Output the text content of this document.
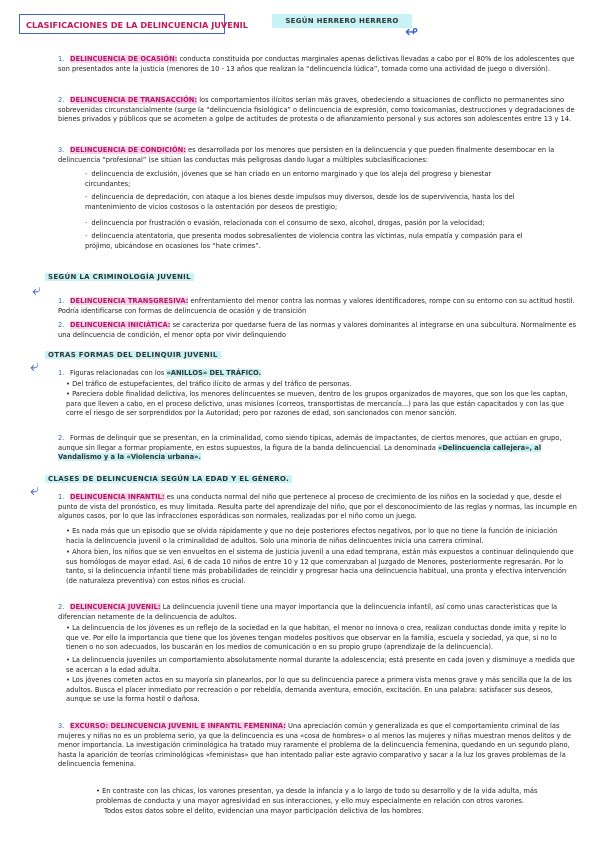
CLASIFICACIONES DE LA DELINCUENCIA JUVENIL	SEGÚN HERRERO HERRERO
↫
1. DELINCUENCIA DE OCASIÓN: conducta constituida por conductas marginales apenas delictivas llevadas a cabo por el 80% de los adolescentes que son presentados ante la justicia (menores de 10 - 13 años que realizan la “delincuencia lúdica”, tomada como una actividad de juego o diversión).
2. DELINCUENCIA DE TRANSACCIÓN: los comportamientos ilícitos serían más graves, obedeciendo a situaciones de conflicto no permanentes sino sobrevenidas circunstancialmente (surge la “delincuencia fisiológica” o delincuencia de expresión, como toxicomanías, destrucciones y degradaciones de bienes privados y públicos que se acometen a golpe de actitudes de protesta o de afianzamiento personal y sus actores son adolescentes entre 13 y 14.
3. DELINCUENCIA DE CONDICIÓN: es desarrollada por los menores que persisten en la delincuencia y que pueden finalmente desembocar en la delincuencia “profesional” (se sitúan las conductas más peligrosas dando lugar a múltiples subclasificaciones:
- delincuencia de exclusión, jóvenes que se han criado en un entorno marginado y que los aleja del progreso y bienestar circundantes;
- delincuencia de depredación, con ataque a los bienes desde impulsos muy diversos, desde los de supervivencia, hasta los del mantenimiento de vicios costosos o la ostentación por deseos de prestigio;
- delincuencia por frustración o evasión, relacionada con el consumo de sexo, alcohol, drogas, pasión por la velocidad;
- delincuencia atentatoria, que presenta modos sobresalientes de violencia contra las víctimas, nula empatía y compasión para el prójimo, ubicándose en ocasiones los “hate crimes”.
⤶
SEGÚN LA CRIMINOLOGÍA JUVENIL
1. DELINCUENCIA TRANSGRESIVA: enfrentamiento del menor contra las normas y valores identificadores, rompe con su entorno con su actitud hostil. Podría identificarse con formas de delincuencia de ocasión y de transición
2. DELINCUENCIA INICIÁTICA: se caracteriza por quedarse fuera de las normas y valores dominantes al integrarse en una subcultura. Normalmente es una delincuencia de condición, el menor opta por vivir delinquiendo
⤶
OTRAS FORMAS DEL DELINQUIR JUVENIL
1. Figuras relacionadas con los «ANILLOS» DEL TRÁFICO.
• Del tráfico de estupefacientes, del tráfico ilícito de armas y del tráfico de personas.
• Pareciera doble finalidad delictiva, los menores delincuentes se mueven, dentro de los grupos organizados de mayores, que son los que les captan, para que lleven a cabo, en el proceso delictivo, unas misiones (correos, transportistas de mercancía...) para las que están capacitados y con las que corre el riesgo de ser sorprendidos por la Autoridad; pero por razones de edad, son sancionados con menor sanción.
2. Formas de delinquir que se presentan, en la criminalidad, como siendo típicas, además de impactantes, de ciertos menores, que actúan en grupo, aunque sin llegar a formar propiamente, en estos supuestos, la figura de la banda delincuencial. La denominada «Delincuencia callejera», al Vandalismo y a la «Violencia urbana».
⤶
CLASES DE DELINCUENCIA SEGÚN LA EDAD Y EL GÉNERO.
1. DELINCUENCIA INFANTIL: es una conducta normal del niño que pertenece al proceso de crecimiento de los niños en la sociedad y que, desde el punto de vista del pronóstico, es muy limitada. Resulta parte del aprendizaje del niño, que por el desconocimiento de las reglas y normas, las incumple en algunos casos, por lo que las infracciones esporádicas son normales, realizadas por el niño como un juego.
• Es nada más que un episodio que se olvida rápidamente y que no deje posteriores efectos negativos, por lo que no tiene la función de iniciación hacia la delincuencia juvenil o la criminalidad de adultos. Solo una minoría de niños delincuentes inicia una carrera criminal.
• Ahora bien, los niños que se ven envueltos en el sistema de justicia juvenil a una edad temprana, están más expuestos a continuar delinquiendo que sus homólogos de mayor edad. Así, 6 de cada 10 niños de entre 10 y 12 que comenzaban al Juzgado de Menores, posteriormente regresarán. Por lo tanto, si la delincuencia infantil tiene más probabilidades de reincidir y progresar hacia una delincuencia habitual, una pronta y efectiva intervención (de naturaleza preventiva) con estos niños es crucial.
2. DELINCUENCIA JUVENIL: La delincuencia juvenil tiene una mayor importancia que la delincuencia infantil, así como unas características que la diferencian netamente de la delincuencia de adultos.
• La delincuencia de los jóvenes es un reflejo de la sociedad en la que habitan, el menor no innova o crea, realizan conductas donde imita y repite lo que ve. Por ello la importancia que tiene que los jóvenes tengan modelos positivos que observar en la familia, escuela y sociedad, ya que, si no lo tienen o no son adecuados, los buscarán en los medios de comunicación o en su propio grupo (aprendizaje de la delincuencia).
• La delincuencia juveniles un comportamiento absolutamente normal durante la adolescencia; está presente en cada joven y disminuye a medida que se acercan a la edad adulta.
• Los jóvenes cometen actos en su mayoría sin planearlos, por lo que su delincuencia parece a primera vista menos grave y más sencilla que la de los adultos. Busca el placer inmediato por recreación o por rebeldía, demanda aventura, emoción, excitación. En una palabra: satisfacer sus deseos, aunque se use la forma hostil o dañosa.
3. EXCURSO: DELINCUENCIA JUVENIL E INFANTIL FEMENINA: Una apreciación común y generalizada es que el comportamiento criminal de las mujeres y niñas no es un problema serio, ya que la delincuencia es una «cosa de hombres» o al menos las mujeres y niñas muestran menos delitos y de menor importancia. La investigación criminológica ha tratado muy raramente el problema de la delincuencia femenina, quedando en un segundo plano, hasta la aparición de teorías criminológicas «feministas» que han intentado paliar este agravio comparativo y sacar a la luz los graves problemas de la delincuencia femenina.
• En contraste con las chicas, los varones presentan, ya desde la infancia y a lo largo de todo su desarrollo y de la vida adulta, más problemas de conducta y una mayor agresividad en sus interacciones, y ello muy especialmente en relación con otros varones.
Todos estos datos sobre el delito, evidencian una mayor participación delictiva de los hombres.
